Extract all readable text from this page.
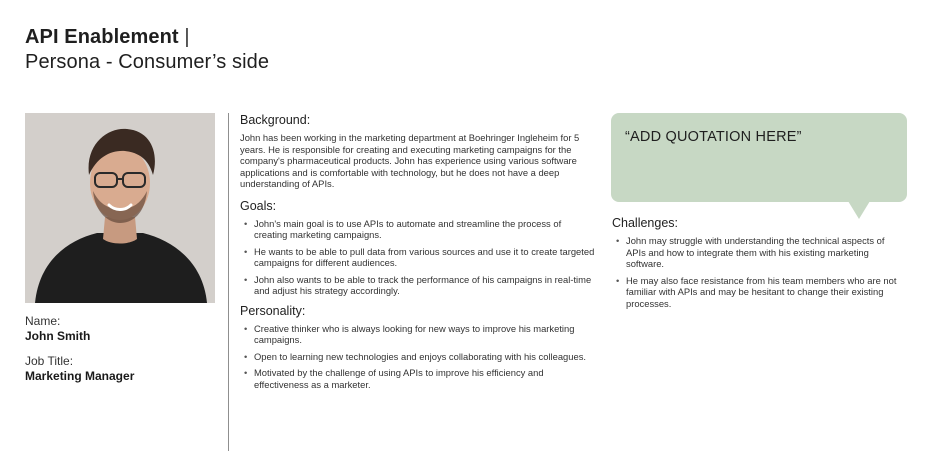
API Enablement |
Persona - Consumer’s side
Name:
John Smith
Job Title:
Marketing Manager
Background:

John has been working in the marketing department at Boehringer Ingleheim for 5 years. He is responsible for creating and executing marketing campaigns for the company's pharmaceutical products. John has experience using various software applications and is comfortable with technology, but he does not have a deep understanding of APIs.

Goals:
• John's main goal is to use APIs to automate and streamline the process of creating marketing campaigns.
• He wants to be able to pull data from various sources and use it to create targeted campaigns for different audiences.
• John also wants to be able to track the performance of his campaigns in real-time and adjust his strategy accordingly.
Personality:
• Creative thinker who is always looking for new ways to improve his marketing campaigns.
• Open to learning new technologies and enjoys collaborating with his colleagues.
• Motivated by the challenge of using APIs to improve his efficiency and effectiveness as a marketer.
“ADD QUOTATION HERE”
Challenges:
• John may struggle with understanding the technical aspects of APIs and how to integrate them with his existing marketing software.
• He may also face resistance from his team members who are not familiar with APIs and may be hesitant to change their existing processes.
